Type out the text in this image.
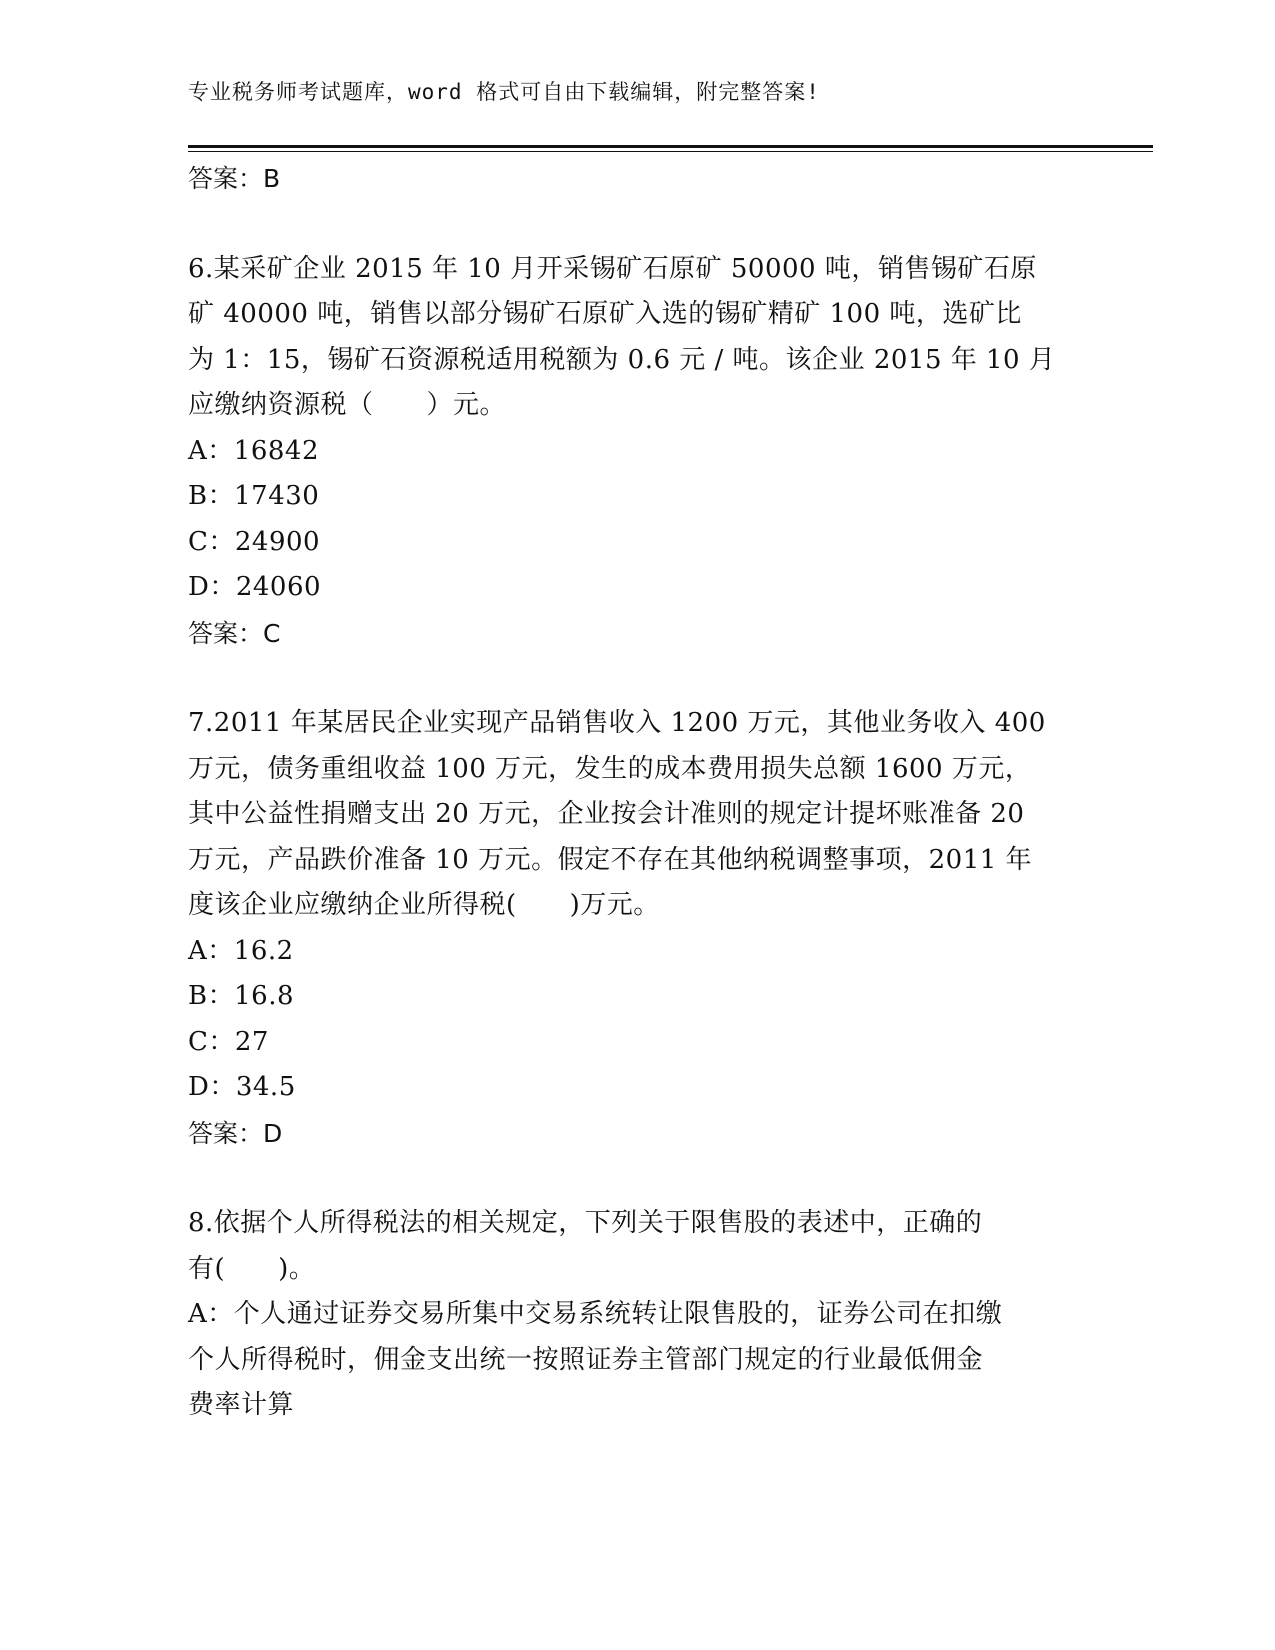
专业税务师考试题库，word 格式可自由下载编辑，附完整答案!
答案：B
6.某采矿企业 2015 年 10 月开采锡矿石原矿 50000 吨，销售锡矿石原
矿 40000 吨，销售以部分锡矿石原矿入选的锡矿精矿 100 吨，选矿比
为 1：15，锡矿石资源税适用税额为 0.6 元 / 吨。该企业 2015 年 10 月
应缴纳资源税（　　）元。
A：16842
B：17430
C：24900
D：24060
答案：C
7.2011 年某居民企业实现产品销售收入 1200 万元，其他业务收入 400
万元，债务重组收益 100 万元，发生的成本费用损失总额 1600 万元，
其中公益性捐赠支出 20 万元，企业按会计准则的规定计提坏账准备 20
万元，产品跌价准备 10 万元。假定不存在其他纳税调整事项，2011 年
度该企业应缴纳企业所得税(　　)万元。
A：16.2
B：16.8
C：27
D：34.5
答案：D
8.依据个人所得税法的相关规定，下列关于限售股的表述中，正确的
有(　　)。
A：个人通过证券交易所集中交易系统转让限售股的，证券公司在扣缴
个人所得税时，佣金支出统一按照证券主管部门规定的行业最低佣金
费率计算
